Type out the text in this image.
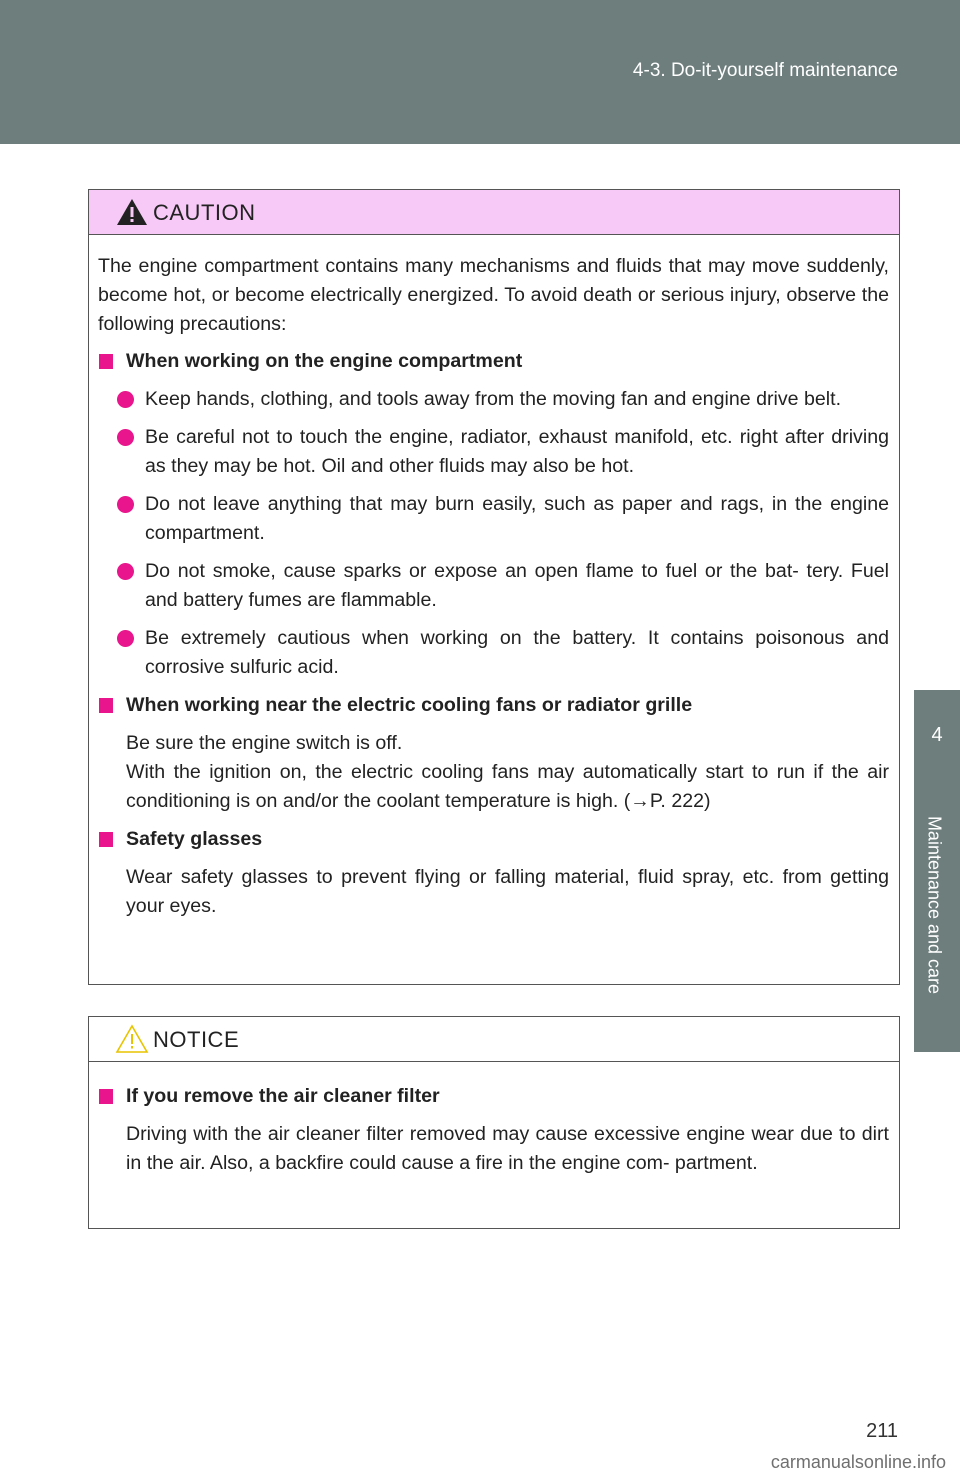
4-3. Do-it-yourself maintenance
4
Maintenance and care
CAUTION

The engine compartment contains many mechanisms and fluids that may move suddenly, become hot, or become electrically energized. To avoid death or serious injury, observe the following precautions:

When working on the engine compartment
Keep hands, clothing, and tools away from the moving fan and engine drive belt.
Be careful not to touch the engine, radiator, exhaust manifold, etc. right after driving as they may be hot. Oil and other fluids may also be hot.
Do not leave anything that may burn easily, such as paper and rags, in the engine compartment.
Do not smoke, cause sparks or expose an open flame to fuel or the bat- tery. Fuel and battery fumes are flammable.
Be extremely cautious when working on the battery. It contains poisonous and corrosive sulfuric acid.
When working near the electric cooling fans or radiator grille
Be sure the engine switch is off.
With the ignition on, the electric cooling fans may automatically start to run if the air conditioning is on and/or the coolant temperature is high. (→P. 222)
Safety glasses
Wear safety glasses to prevent flying or falling material, fluid spray, etc. from getting your eyes.
NOTICE
If you remove the air cleaner filter
Driving with the air cleaner filter removed may cause excessive engine wear due to dirt in the air. Also, a backfire could cause a fire in the engine com- partment.
211
carmanualsonline.info
